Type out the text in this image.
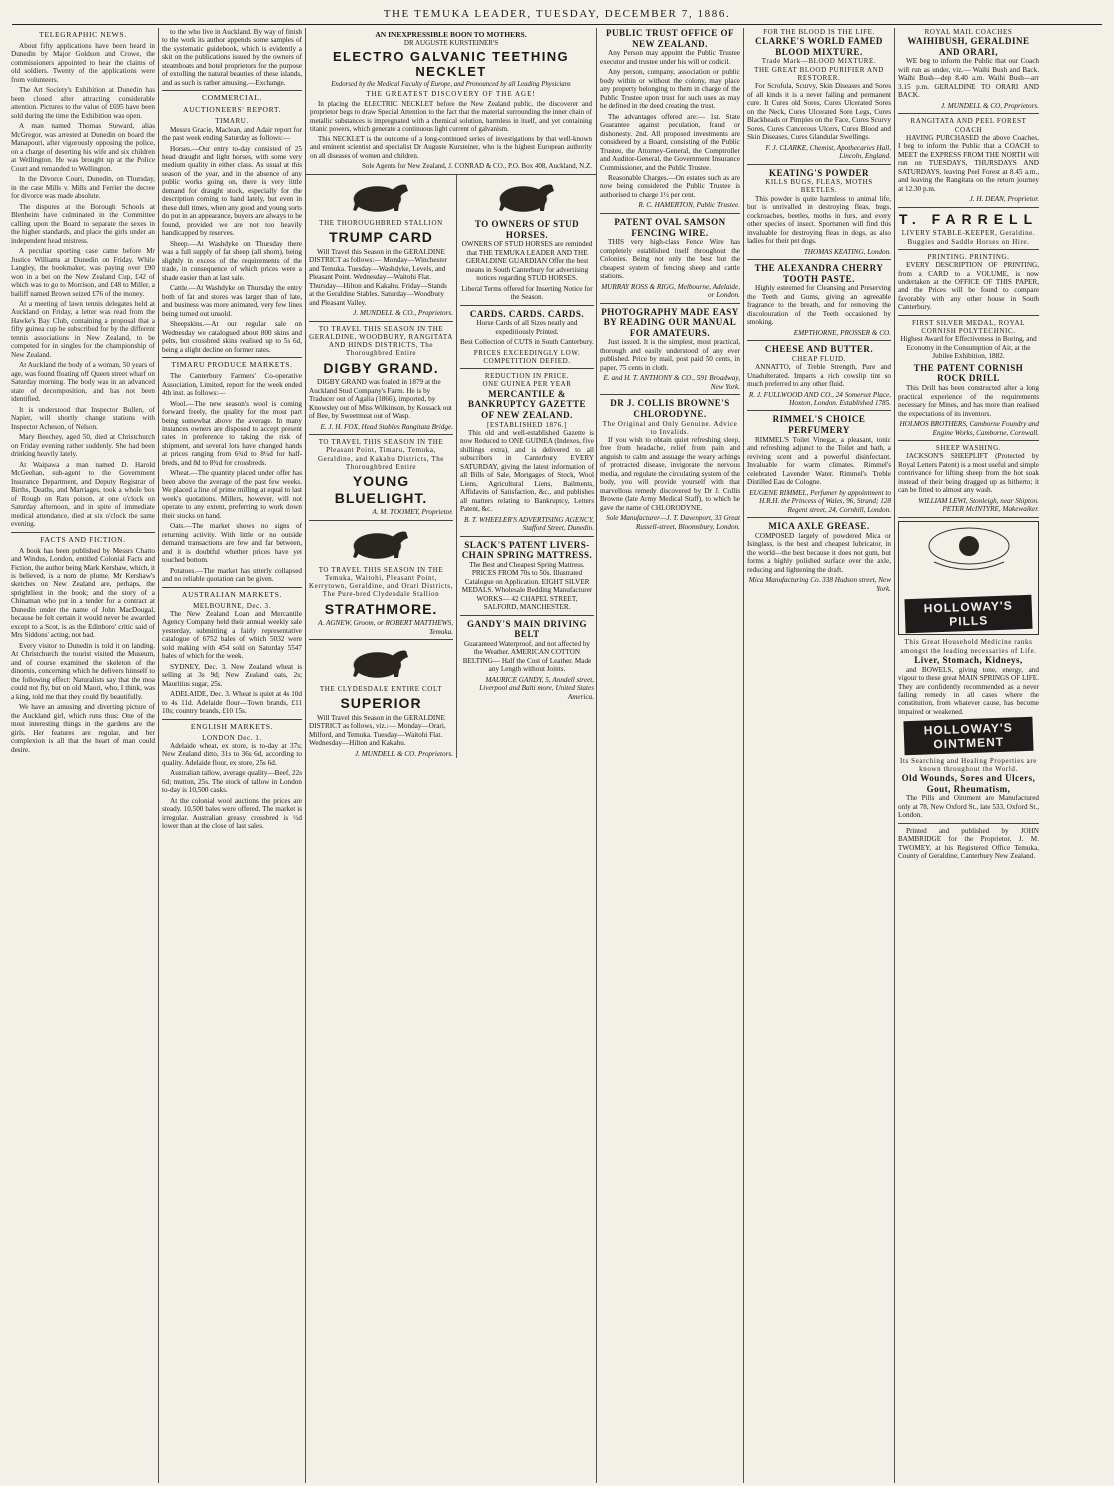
THE TEMUKA LEADER, TUESDAY, DECEMBER 7, 1886.
TELEGRAPHIC NEWS.

About fifty applications have been heard in Dunedin by Major Goldson and Crowe, the commissioners appointed to hear the claims of old soldiers. Twenty of the applications were from volunteers.

The Art Society's Exhibition at Dunedin has been closed after attracting considerable attention. Pictures to the value of £695 have been sold during the time the Exhibition was open.

A man named Thomas Steward, alias McGregor, was arrested at Dunedin on board the Manapouri, after vigorously opposing the police, on a charge of deserting his wife and six children at Wellington. He was brought up at the Police Court and remanded to Wellington.

In the Divorce Court, Dunedin, on Thursday, in the case Mills v. Mills and Ferrier the decree for divorce was made absolute.

The disputes at the Borough Schools at Blenheim have culminated in the Committee calling upon the Board to separate the sexes in the higher standards, and place the girls under an independent head mistress.

A peculiar sporting case came before Mr Justice Williams at Dunedin on Friday. While Langley, the bookmaker, was paying over £90 won in a bet on the New Zealand Cup, £42 of which was to go to Morrison, and £48 to Miller, a bailiff named Brown seized £76 of the money.

At a meeting of lawn tennis delegates held at Auckland on Friday, a letter was read from the Hawke's Bay Club, containing a proposal that a fifty guinea cup be subscribed for by the different tennis associations in New Zealand, to be competed for in singles for the championship of New Zealand.

At Auckland the body of a woman, 50 years of age, was found floating off Queen street wharf on Saturday morning. The body was in an advanced state of decomposition, and has not been identified.

It is understood that Inspector Bullen, of Napier, will shortly change stations with Inspector Acheson, of Nelson.

Mary Beechey, aged 50, died at Christchurch on Friday evening rather suddenly. She had been drinking heavily lately.

At Waipawa a man named D. Harold McGeehan, sub-agent to the Government Insurance Department, and Deputy Registrar of Births, Deaths, and Marriages, took a whole box of Rough on Rats poison, at one o'clock on Saturday afternoon, and in spite of immediate medical attendance, died at six o'clock the same evening.

FACTS AND FICTION.

A book has been published by Messrs Chatto and Windus, London, entitled Colonial Facts and Fiction, the author being Mark Kershaw, which, it is believed, is a nom de plume. Mr Kershaw's sketches on New Zealand are, perhaps, the sprightliest in the book; and the story of a Chinaman who put in a tender for a contract at Dunedin under the name of John MacDougal, because he felt certain it would never be awarded except to a Scot, is as the Edinboro' critic said of Mrs Siddons' acting, not bad.

Every visitor to Dunedin is told it on landing. At Christchurch the tourist visited the Museum, and of course examined the skeleton of the dinornis, concerning which he delivers himself to the following effect: Naturalists say that the moa could not fly, but on old Maori, who, I think, was a king, told me that they could fly beautifully.

We have an amusing and diverting picture of the Auckland girl, which runs thus: One of the most interesting things in the gardens are the girls. Her features are regular, and her complexion is all that the heart of man could desire.

to the who live in Auckland. By way of finish to the work its author appends some samples of the systematic guidebook, which is evidently a skit on the publications issued by the owners of steamboats and hotel proprietors for the purpose of extolling the natural beauties of these islands, and as such is rather amusing.—Exchange.

COMMERCIAL.
AUCTIONEERS' REPORT.
TIMARU.

Messrs Gracie, Maclean, and Adair report for the past week ending Saturday as follows:—

Horses.—Our entry to-day consisted of 25 head draught and light horses, with some very medium quality in either class. As usual at this season of the year, and in the absence of any public works going on, there is very little demand for draught stock, especially for the description coming to hand lately, but even in these dull times, when any good and young sorts do put in an appearance, buyers are always to be found, provided we are not too heavily handicapped by reserves.

Sheep.—At Washdyke on Thursday there was a full supply of fat sheep (all shorn), being slightly in excess of the requirements of the trade, in consequence of which prices were a shade easier than at last sale.

Cattle.—At Washdyke on Thursday the entry both of fat and stores was larger than of late, and business was more animated, very few lines being turned out unsold.

Sheepskins.—At our regular sale on Wednesday we catalogued about 800 skins and pelts, but crossbred skins realised up to 5s 6d, being a slight decline on former rates.

TIMARU PRODUCE MARKETS.

The Canterbury Farmers' Co-operative Association, Limited, report for the week ended 4th inst. as follows:—

Wool.—The new season's wool is coming forward freely, the quality for the most part being somewhat above the average. In many instances owners are disposed to accept present rates in preference to taking the risk of shipment, and several lots have changed hands at prices ranging from 6¾d to 8¼d for half-breds, and 8d to 8¾d for crossbreds.

Wheat.—The quantity placed under offer has been above the average of the past few weeks. We placed a line of prime milling at equal to last week's quotations. Millers, however, will not operate to any extent, preferring to work down their stocks on hand.

Oats.—The market shows no signs of returning activity. With little or no outside demand transactions are few and far between, and it is doubtful whether prices have yet touched bottom.

Potatoes.—The market has utterly collapsed and no reliable quotation can be given.

AUSTRALIAN MARKETS.
MELBOURNE, Dec. 3.

The New Zealand Loan and Mercantile Agency Company held their annual weekly sale yesterday, submitting a fairly representative catalogue of 6752 bales of which 5032 were sold making with 454 sold on Saturday 5547 bales of which for the week.

SYDNEY, Dec. 3. New Zealand wheat is selling at 3s 9d; New Zealand oats, 2s; Mauritius sugar, 25s.

ADELAIDE, Dec. 3. Wheat is quiet at 4s 10d to 4s 11d. Adelaide flour—Town brands, £11 10s; country brands, £10 15s.

ENGLISH MARKETS.
LONDON Dec. 1.

Adelaide wheat, ex store, is to-day at 37s; New Zealand ditto, 31s to 36s 6d, according to quality. Adelaide flour, ex store, 25s 6d.

Australian tallow, average quality—Beef, 22s 6d; mutton, 25s. The stock of tallow in London to-day is 10,500 casks.

At the colonial wool auctions the prices are steady. 10,500 bales were offered. The market is irregular. Australian greasy crossbred is ½d lower than at the close of last sales.

AN INEXPRESSIBLE BOON TO MOTHERS.
DR AUGUSTE KURSTEINER'S
ELECTRO GALVANIC TEETHING NECKLET
Endorsed by the Medical Faculty of Europe, and Pronounced by all Leading Physicians
THE GREATEST DISCOVERY OF THE AGE!

In placing the ELECTRIC NECKLET before the New Zealand public, the discoverer and proprietor begs to draw Special Attention to the fact that the material surrounding the inner chain of metallic substances is impregnated with a chemical solution, harmless in itself, and yet containing titanic powers, which generate a continuous light current of galvanism.

This NECKLET is the outcome of a long-continued series of investigations by that well-known and eminent scientist and specialist Dr Auguste Kursteiner, who is the highest European authority on all diseases of women and children.

Sole Agents for New Zealand, J. CONRAD & CO., P.O. Box 408, Auckland, N.Z.

THE THOROUGHBRED STALLION
TRUMP CARD

Will Travel this Season in the GERALDINE DISTRICT as follows:— Monday—Winchester and Temuka. Tuesday—Washdyke, Levels, and Pleasant Point. Wednesday—Waitohi Flat. Thursday—Hilton and Kakahu. Friday—Stands at the Geraldine Stables. Saturday—Woodbury and Pleasant Valley.

J. MUNDELL & CO., Proprietors.
TO TRAVEL THIS SEASON IN THE GERALDINE, WOODBURY, RANGITATA AND HINDS DISTRICTS, The Thoroughbred Entire
DIGBY GRAND.

DIGBY GRAND was foaled in 1879 at the Auckland Stud Company's Farm. He is by Traducer out of Agalia (1866), imported, by Knowsley out of Miss Wilkinson, by Kossack out of Bee, by Sweetmeat out of Wasp.

E. J. H. FOX, Head Stables Rangitata Bridge.
TO TRAVEL THIS SEASON IN THE Pleasant Point, Timaru, Temuka, Geraldine, and Kakahu Districts, The Thoroughbred Entire
YOUNG BLUELIGHT.
A. M. TOOMEY, Proprietor.
TO TRAVEL THIS SEASON IN THE Temuka, Waitohi, Pleasant Point, Kerrytown, Geraldine, and Orari Districts, The Pure-bred Clydesdale Stallion
STRATHMORE.
A. AGNEW, Groom, or ROBERT MATTHEWS, Temuka.
THE CLYDESDALE ENTIRE COLT
SUPERIOR

Will Travel this Season in the GERALDINE DISTRICT as follows, viz.:— Monday—Orari, Milford, and Temuka. Tuesday—Waitohi Flat. Wednesday—Hilton and Kakahu.

J. MUNDELL & CO. Proprietors.
TO OWNERS OF STUD HORSES.

OWNERS OF STUD HORSES are reminded that THE TEMUKA LEADER AND THE GERALDINE GUARDIAN Offer the best means in South Canterbury for advertising notices regarding STUD HORSES.

Liberal Terms offered for Inserting Notice for the Season.

CARDS. CARDS. CARDS.

Horse Cards of all Sizes neatly and expeditiously Printed.

Best Collection of CUTS in South Canterbury.

PRICES EXCEEDINGLY LOW.
COMPETITION DEFIED.
REDUCTION IN PRICE.
ONE GUINEA PER YEAR
MERCANTILE & BANKRUPTCY GAZETTE OF NEW ZEALAND.
[ESTABLISHED 1876.]

This old and well-established Gazette is now Reduced to ONE GUINEA (Indexes, five shillings extra), and is delivered to all subscribers in Canterbury EVERY SATURDAY, giving the latest information of all Bills of Sale, Mortgages of Stock, Wool Liens, Agricultural Liens, Bailments, Affidavits of Satisfaction, &c., and publishes all matters relating to Bankruptcy, Letters Patent, &c.

B. T. WHEELER'S ADVERTISING AGENCY, Stafford Street, Dunedin.
SLACK'S PATENT LIVERS-CHAIN SPRING MATTRESS.

The Best and Cheapest Spring Mattress. PRICES FROM 70s to 50s. Illustrated Catalogue on Application. EIGHT SILVER MEDALS. Wholesale Bedding Manufacturer WORKS— 42 CHAPEL STREET, SALFORD, MANCHESTER.

GANDY'S MAIN DRIVING BELT

Guaranteed Waterproof, and not affected by the Weather. AMERICAN COTTON BELTING— Half the Cost of Leather. Made any Length without Joints.

MAURICE GANDY, 5, Anndell street, Liverpool and Balti more, United States America.
PUBLIC TRUST OFFICE OF NEW ZEALAND.

Any Person may appoint the Public Trustee executor and trustee under his will or codicil.

Any person, company, association or public body within or without the colony, may place any property belonging to them in charge of the Public Trustee upon trust for such uses as may be defined in the deed creating the trust.

The advantages offered are:— 1st. State Guarantee against peculation, fraud or dishonesty. 2nd. All proposed investments are considered by a Board, consisting of the Public Trustee, the Attorney-General, the Comptroller and Auditor-General, the Government Insurance Commissioner, and the Public Trustee.

Reasonable Charges.—On estates such as are now being considered the Public Trustee is authorised to charge 1½ per cent.

R. C. HAMERTON, Public Trustee.
PATENT OVAL SAMSON FENCING WIRE.

THIS very high-class Fence Wire has completely established itself throughout the Colonies. Being not only the best but the cheapest system of fencing sheep and cattle stations.

MURRAY ROSS & RIGG, Melbourne, Adelaide, or London.
PHOTOGRAPHY MADE EASY BY READING OUR MANUAL FOR AMATEURS.

Just issued. It is the simplest, most practical, thorough and easily understood of any ever published. Price by mail, post paid 50 cents, in paper, 75 cents in cloth.

E. and H. T. ANTHONY & CO., 591 Broadway, New York.
DR J. COLLIS BROWNE'S CHLORODYNE.
The Original and Only Genuine. Advice to Invalids.

If you wish to obtain quiet refreshing sleep, free from headache, relief from pain and anguish to calm and assuage the weary achings of protracted disease, invigorate the nervous media, and regulate the circulating system of the body, you will provide yourself with that marvellous remedy discovered by Dr J. Collis Browne (late Army Medical Staff), to which he gave the name of CHLORODYNE.

Sole Manufacturer—J. T. Davenport, 33 Great Russell-street, Bloomsbury, London.
FOR THE BLOOD IS THE LIFE.
CLARKE'S WORLD FAMED BLOOD MIXTURE.
Trade Mark—BLOOD MIXTURE.
THE GREAT BLOOD PURIFIER AND RESTORER.

For Scrofula, Scurvy, Skin Diseases and Sores of all kinds it is a never failing and permanent cure. It Cures old Sores, Cures Ulcerated Sores on the Neck, Cures Ulcerated Sore Legs, Cures Blackheads or Pimples on the Face, Cures Scurvy Sores, Cures Cancerous Ulcers, Cures Blood and Skin Diseases, Cures Glandular Swellings.

F. J. CLARKE, Chemist, Apothecaries Hall, Lincoln, England.
KEATING'S POWDER
KILLS BUGS, FLEAS, MOTHS BEETLES.

This powder is quite harmless to animal life, but is unrivalled in destroying fleas, bugs, cockroaches, beetles, moths in furs, and every other species of insect. Sportsmen will find this invaluable for destroying fleas in dogs, as also ladies for their pet dogs.

THOMAS KEATING, London.
THE ALEXANDRA CHERRY TOOTH PASTE.

Highly esteemed for Cleansing and Preserving the Teeth and Gums, giving an agreeable fragrance to the breath, and for removing the discolouration of the Teeth occasioned by smoking.

EMPTHORNE, PROSSER & CO.
CHEESE AND BUTTER.
CHEAP FLUID.

ANNATTO, of Treble Strength, Pure and Unadulterated. Imparts a rich cowslip tint so much preferred to any other fluid.

R. J. FULLWOOD AND CO., 24 Somerset Place, Hoxton, London. Established 1785.
RIMMEL'S CHOICE PERFUMERY

RIMMEL'S Toilet Vinegar, a pleasant, tonic and refreshing adjunct to the Toilet and bath, a reviving scent and a powerful disinfectant. Invaluable for warm climates. Rimmel's celebrated Lavender Water. Rimmel's Treble Distilled Eau de Cologne.

EUGENE RIMMEL, Perfumer by appointment to H.R.H. the Princess of Wales, 96, Strand; 128 Regent street, 24, Cornhill, London.
MICA AXLE GREASE.

COMPOSED largely of powdered Mica or Isinglass, is the best and cheapest lubricator, in the world—the best because it does not gum, but forms a highly polished surface over the axle, reducing and lightening the draft.

Mica Manufacturing Co. 338 Hudson street, New York.
ROYAL MAIL COACHES
WAIHIBUSH, GERALDINE AND ORARI,

WE beg to inform the Public that our Coach will run as under, viz.— Waihi Bush and Back. Waihi Bush—dep 8.40 a.m. Waihi Bush—arr 3.15 p.m. GERALDINE TO ORARI AND BACK.

J. MUNDELL & CO, Proprietors.
RANGITATA AND PEEL FOREST COACH

HAVING PURCHASED the above Coaches, I beg to inform the Public that a COACH to MEET the EXPRESS FROM THE NORTH will run on TUESDAYS, THURSDAYS AND SATURDAYS, leaving Peel Forest at 8.45 a.m., and leaving the Rangitata on the return journey at 12.30 p.m.

J. H. DEAN, Proprietor.
T. FARRELL
LIVERY STABLE-KEEPER, Geraldine.
Buggies and Saddle Horses on Hire.
PRINTING. PRINTING.

EVERY DESCRIPTION OF PRINTING, from a CARD to a VOLUME, is now undertaken at the OFFICE OF THIS PAPER, and the Prices will be found to compare favorably with any other house in South Canterbury.

FIRST SILVER MEDAL, ROYAL CORNISH POLYTECHNIC.

Highest Award for Effectiveness in Boring, and Economy in the Consumption of Air, at the Jubilee Exhibition, 1882.

THE PATENT CORNISH ROCK DRILL

This Drill has been constructed after a long practical experience of the requirements necessary for Mines, and has more than realised the expectations of its inventors.

HOLMOS BROTHERS, Camborne Foundry and Engine Works, Camborne, Cornwall.
SHEEP WASHING.

JACKSON'S SHEEPLIFT (Protected by Royal Letters Patent) is a most useful and simple contrivance for lifting sheep from the hot soak instead of their being dragged up as hitherto; it can be fitted to almost any wash.

WILLIAM LEWI, Stonleigh, near Shipton.
PETER McINTYRE, Makewaiker.
HOLLOWAY'S PILLS
This Great Household Medicine ranks amongst the leading necessaries of Life.
Liver, Stomach, Kidneys,

and BOWELS, giving tone, energy, and vigour to these great MAIN SPRINGS OF LIFE. They are confidently recommended as a never failing remedy in all cases where the constitution, from whatever cause, has become impaired or weakened.

HOLLOWAY'S OINTMENT
Its Searching and Healing Properties are known throughout the World.
Old Wounds, Sores and Ulcers,
Gout, Rheumatism,

The Pills and Ointment are Manufactured only at 78, New Oxford St., late 533, Oxford St., London.

Printed and published by JOHN BAMBRIDGE for the Proprietor, J. M. TWOMEY, at his Registered Office Temuka, County of Geraldine, Canterbury New Zealand.
